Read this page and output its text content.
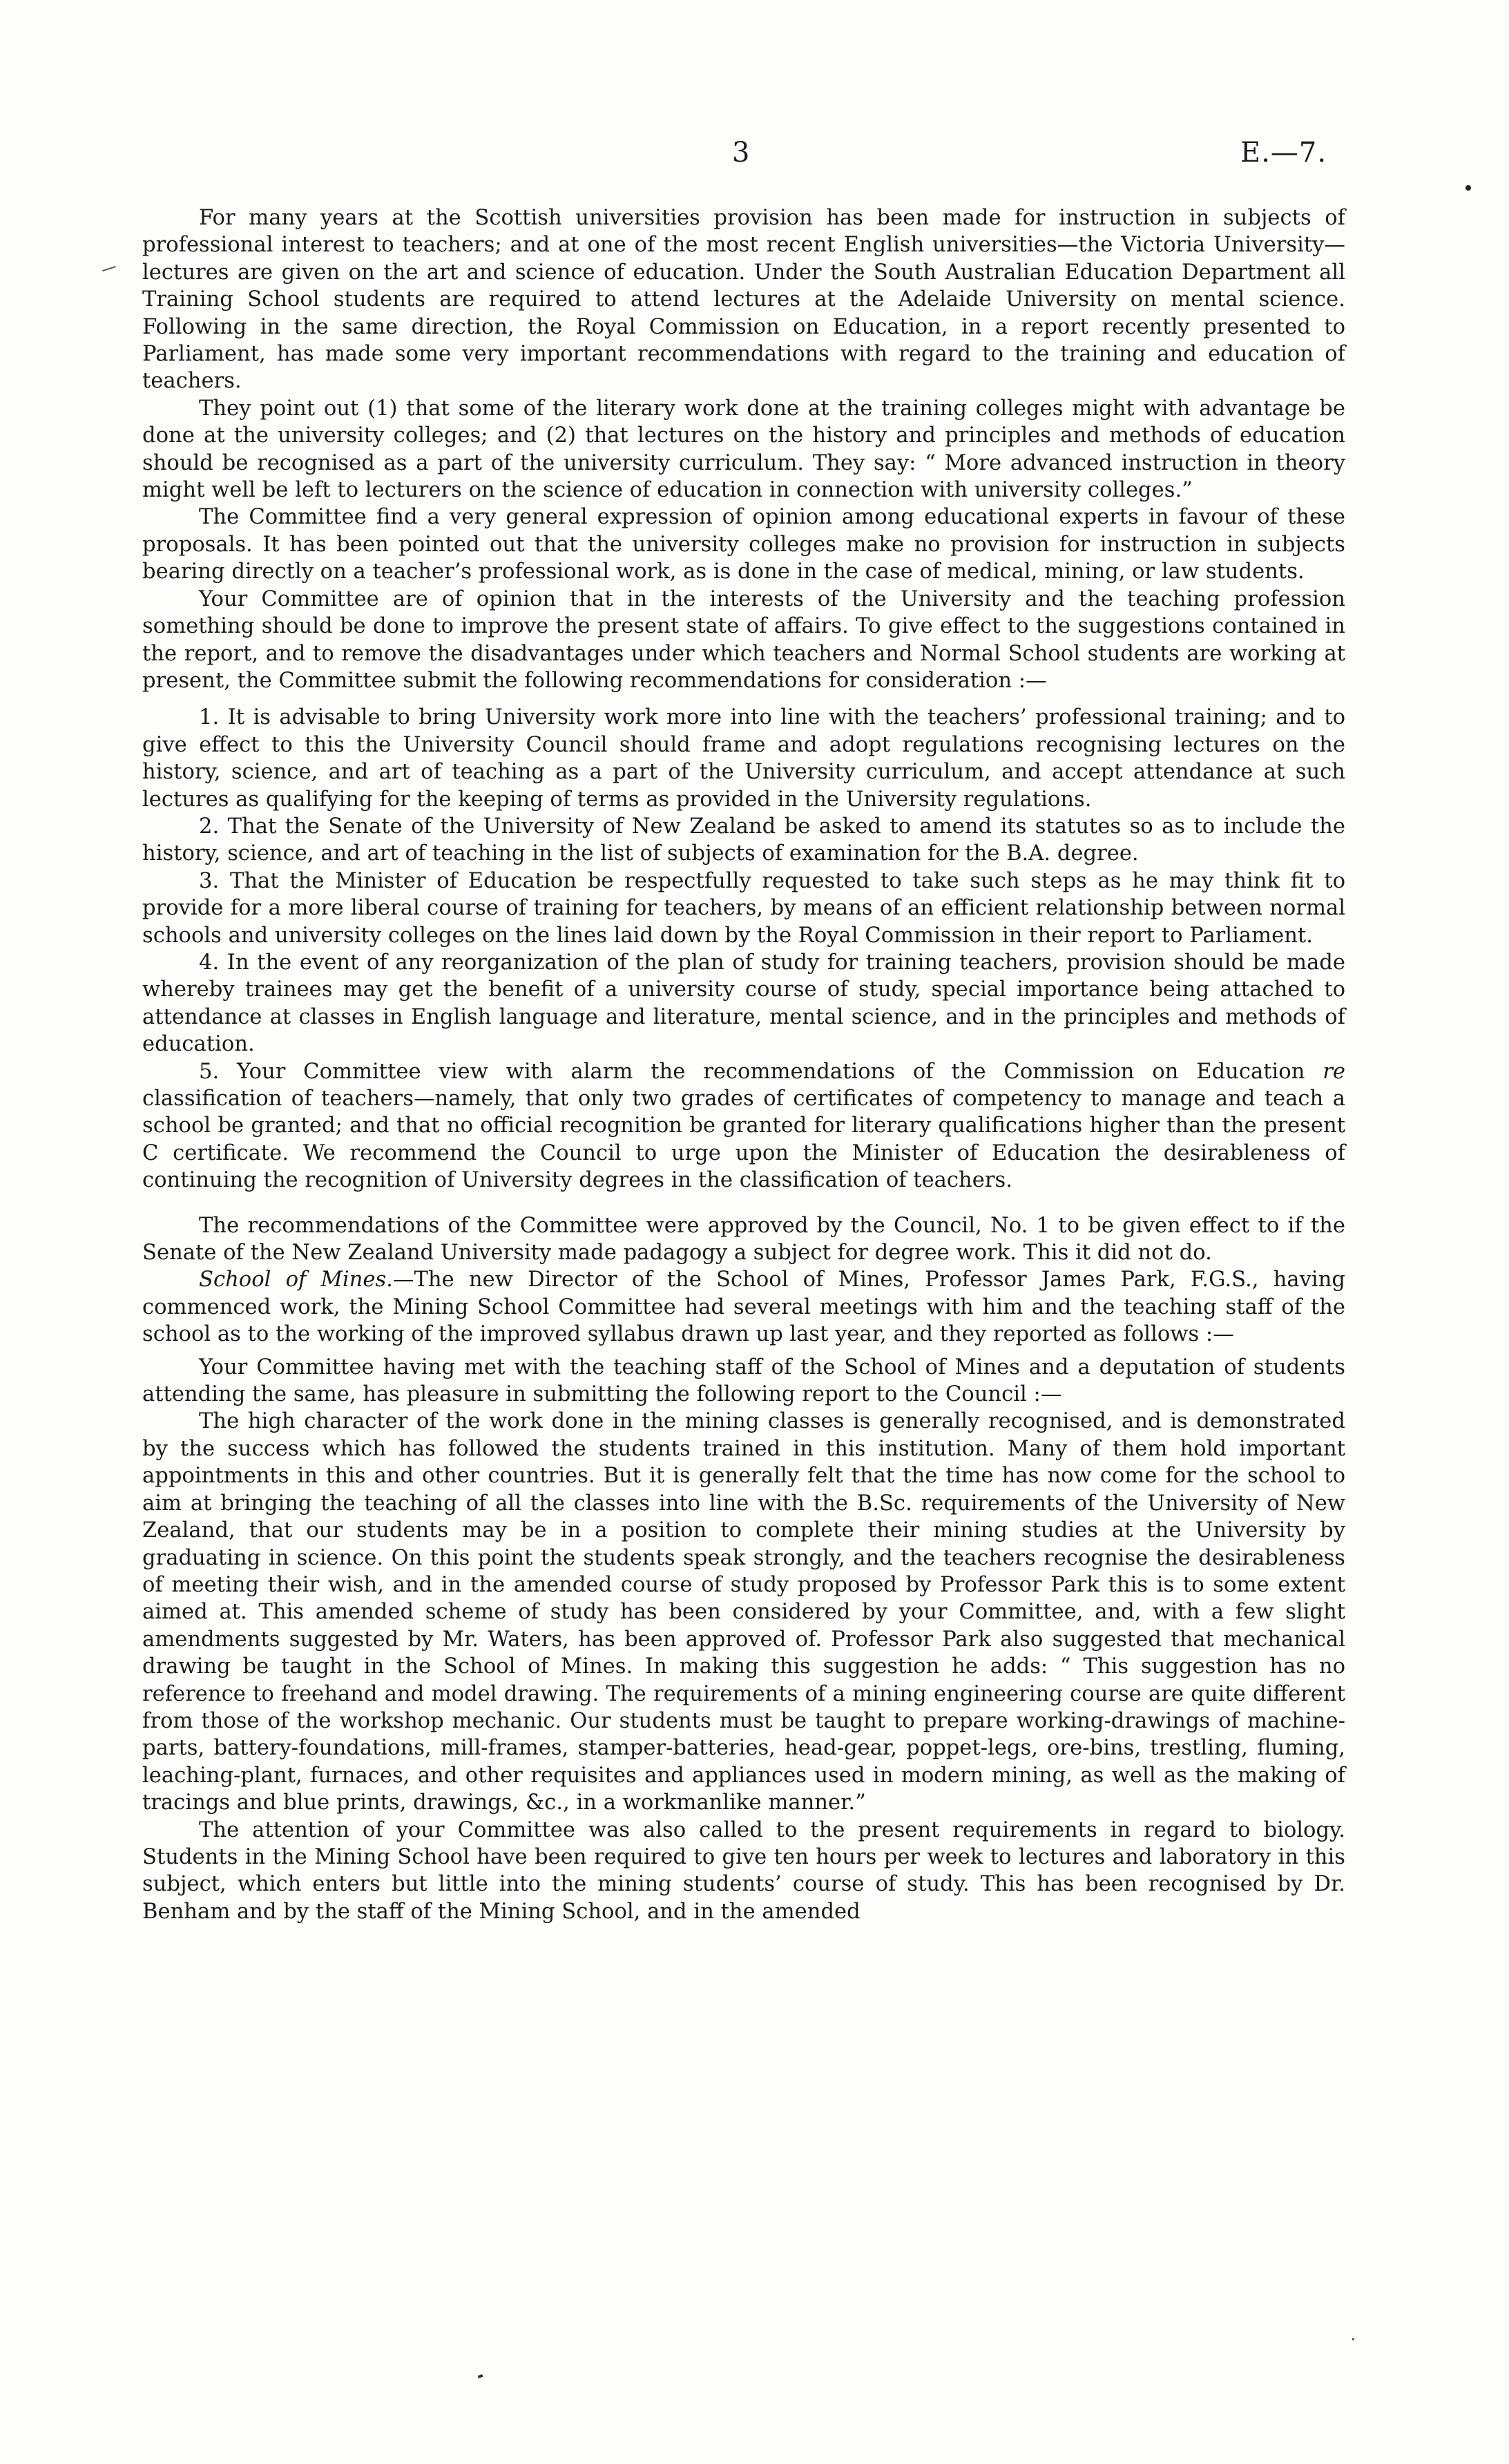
3	E.—7.

For many years at the Scottish universities provision has been made for instruction in subjects of professional interest to teachers; and at one of the most recent English universities—the Victoria University—lectures are given on the art and science of education. Under the South Australian Education Department all Training School students are required to attend lectures at the Adelaide University on mental science. Following in the same direction, the Royal Commission on Education, in a report recently presented to Parliament, has made some very important recommendations with regard to the training and education of teachers.

They point out (1) that some of the literary work done at the training colleges might with advantage be done at the university colleges; and (2) that lectures on the history and principles and methods of education should be recognised as a part of the university curriculum. They say: “ More advanced instruction in theory might well be left to lecturers on the science of education in connection with university colleges.”

The Committee find a very general expression of opinion among educational experts in favour of these proposals. It has been pointed out that the university colleges make no provision for instruction in subjects bearing directly on a teacher’s professional work, as is done in the case of medical, mining, or law students.

Your Committee are of opinion that in the interests of the University and the teaching profession something should be done to improve the present state of affairs. To give effect to the suggestions contained in the report, and to remove the disadvantages under which teachers and Normal School students are working at present, the Committee submit the following recommendations for consideration :—

1. It is advisable to bring University work more into line with the teachers’ professional training; and to give effect to this the University Council should frame and adopt regulations recognising lectures on the history, science, and art of teaching as a part of the University curriculum, and accept attendance at such lectures as qualifying for the keeping of terms as provided in the University regulations.

2. That the Senate of the University of New Zealand be asked to amend its statutes so as to include the history, science, and art of teaching in the list of subjects of examination for the B.A. degree.

3. That the Minister of Education be respectfully requested to take such steps as he may think fit to provide for a more liberal course of training for teachers, by means of an efficient relationship between normal schools and university colleges on the lines laid down by the Royal Commission in their report to Parliament.

4. In the event of any reorganization of the plan of study for training teachers, provision should be made whereby trainees may get the benefit of a university course of study, special importance being attached to attendance at classes in English language and literature, mental science, and in the principles and methods of education.

5. Your Committee view with alarm the recommendations of the Commission on Education re classification of teachers—namely, that only two grades of certificates of competency to manage and teach a school be granted; and that no official recognition be granted for literary qualifications higher than the present C certificate. We recommend the Council to urge upon the Minister of Education the desirableness of continuing the recognition of University degrees in the classification of teachers.

The recommendations of the Committee were approved by the Council, No. 1 to be given effect to if the Senate of the New Zealand University made padagogy a subject for degree work. This it did not do.

School of Mines.—The new Director of the School of Mines, Professor James Park, F.G.S., having commenced work, the Mining School Committee had several meetings with him and the teaching staff of the school as to the working of the improved syllabus drawn up last year, and they reported as follows :—

Your Committee having met with the teaching staff of the School of Mines and a deputation of students attending the same, has pleasure in submitting the following report to the Council :—

The high character of the work done in the mining classes is generally recognised, and is demonstrated by the success which has followed the students trained in this institution. Many of them hold important appointments in this and other countries. But it is generally felt that the time has now come for the school to aim at bringing the teaching of all the classes into line with the B.Sc. requirements of the University of New Zealand, that our students may be in a position to complete their mining studies at the University by graduating in science. On this point the students speak strongly, and the teachers recognise the desirableness of meeting their wish, and in the amended course of study proposed by Professor Park this is to some extent aimed at. This amended scheme of study has been considered by your Committee, and, with a few slight amendments suggested by Mr. Waters, has been approved of. Professor Park also suggested that mechanical drawing be taught in the School of Mines. In making this suggestion he adds: “ This suggestion has no reference to freehand and model drawing. The requirements of a mining engineering course are quite different from those of the workshop mechanic. Our students must be taught to prepare working-drawings of machine-parts, battery-foundations, mill-frames, stamper-batteries, head-gear, poppet-legs, ore-bins, trestling, fluming, leaching-plant, furnaces, and other requisites and appliances used in modern mining, as well as the making of tracings and blue prints, drawings, &c., in a workmanlike manner.”

The attention of your Committee was also called to the present requirements in regard to biology. Students in the Mining School have been required to give ten hours per week to lectures and laboratory in this subject, which enters but little into the mining students’ course of study. This has been recognised by Dr. Benham and by the staff of the Mining School, and in the amended
